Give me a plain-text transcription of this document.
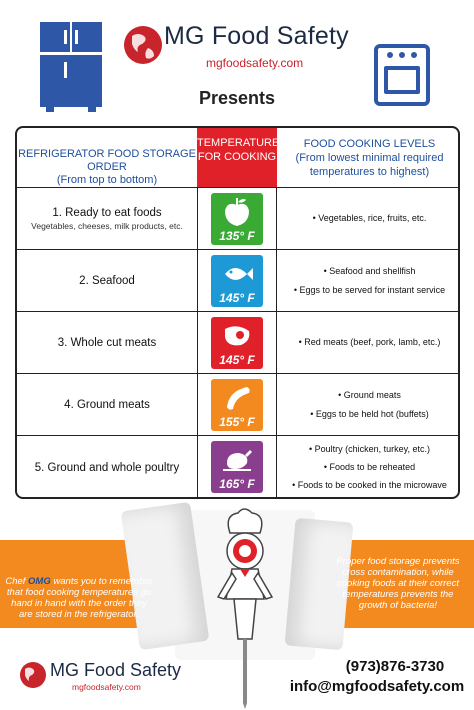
MG Food Safety
mgfoodsafety.com
Presents
REFRIGERATOR FOOD STORAGE ORDER
(From top to bottom)
TEMPERATURE FOR COOKING
FOOD COOKING LEVELS
(From lowest minimal required temperatures to highest)
1. Ready to eat foods
Vegetables, cheeses, milk products, etc.
135° F
• Vegetables, rice, fruits, etc.
2. Seafood
145° F
• Seafood and shellfish
• Eggs to be served for instant service
3. Whole cut meats
145° F
• Red meats (beef, pork, lamb, etc.)
4. Ground meats
155° F
• Ground meats
• Eggs to be held hot (buffets)
5. Ground and whole poultry
165° F
• Poultry (chicken, turkey, etc.)
• Foods to be reheated
• Foods to be cooked in the microwave
Chef OMG wants you to remember that food cooking temperatures go hand in hand with the order they are stored in the refrigerator.
Proper food storage prevents cross contamination, while cooking foods at their correct temperatures prevents the growth of bacteria!
MG Food Safety
mgfoodsafety.com
(973)876-3730
info@mgfoodsafety.com
